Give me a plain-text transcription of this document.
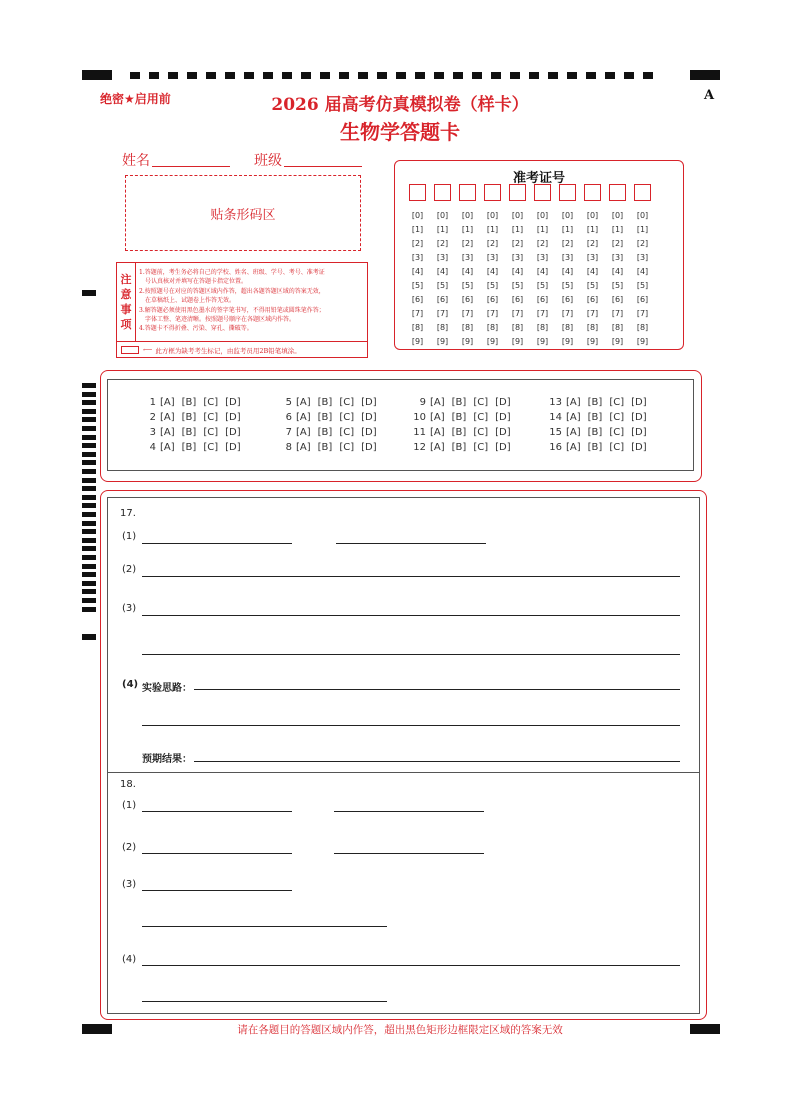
绝密★启用前	2026 届高考仿真模拟卷（样卡）
生物学答题卡
A
姓名	班级
贴条形码区
注
意
事
项
1.答题前，考生务必将自己的学校、姓名、班级、学号、考号、准考证
号认真核对并填写在答题卡指定位置。
2.按照题号在对应的答题区域内作答，超出各题答题区域的答案无效，
在草稿纸上、试题卷上作答无效。
3.解答题必须使用黑色墨水的签字笔书写，不得用铅笔或圆珠笔作答；
字体工整、笔迹清晰。按照题号顺序在各题区域内作答。
4.答题卡不得折叠、污染、穿孔、撕破等。
⟵ 此方框为缺考考生标记，由监考员用2B铅笔填涂。
准考证号
[0]
[1]
[2]
[3]
[4]
[5]
[6]
[7]
[8]
[9]
[0]
[1]
[2]
[3]
[4]
[5]
[6]
[7]
[8]
[9]
[0]
[1]
[2]
[3]
[4]
[5]
[6]
[7]
[8]
[9]
[0]
[1]
[2]
[3]
[4]
[5]
[6]
[7]
[8]
[9]
[0]
[1]
[2]
[3]
[4]
[5]
[6]
[7]
[8]
[9]
[0]
[1]
[2]
[3]
[4]
[5]
[6]
[7]
[8]
[9]
[0]
[1]
[2]
[3]
[4]
[5]
[6]
[7]
[8]
[9]
[0]
[1]
[2]
[3]
[4]
[5]
[6]
[7]
[8]
[9]
[0]
[1]
[2]
[3]
[4]
[5]
[6]
[7]
[8]
[9]
[0]
[1]
[2]
[3]
[4]
[5]
[6]
[7]
[8]
[9]
1 [A] [B] [C] [D]
2 [A] [B] [C] [D]
3 [A] [B] [C] [D]
4 [A] [B] [C] [D]
5 [A] [B] [C] [D]
6 [A] [B] [C] [D]
7 [A] [B] [C] [D]
8 [A] [B] [C] [D]
9 [A] [B] [C] [D]
10 [A] [B] [C] [D]
11 [A] [B] [C] [D]
12 [A] [B] [C] [D]
13 [A] [B] [C] [D]
14 [A] [B] [C] [D]
15 [A] [B] [C] [D]
16 [A] [B] [C] [D]
17.
(1)
(2)
(3)
(4) 实验思路：
预期结果：
18.
(1)
(2)
(3)
(4)
请在各题目的答题区域内作答，超出黑色矩形边框限定区域的答案无效
